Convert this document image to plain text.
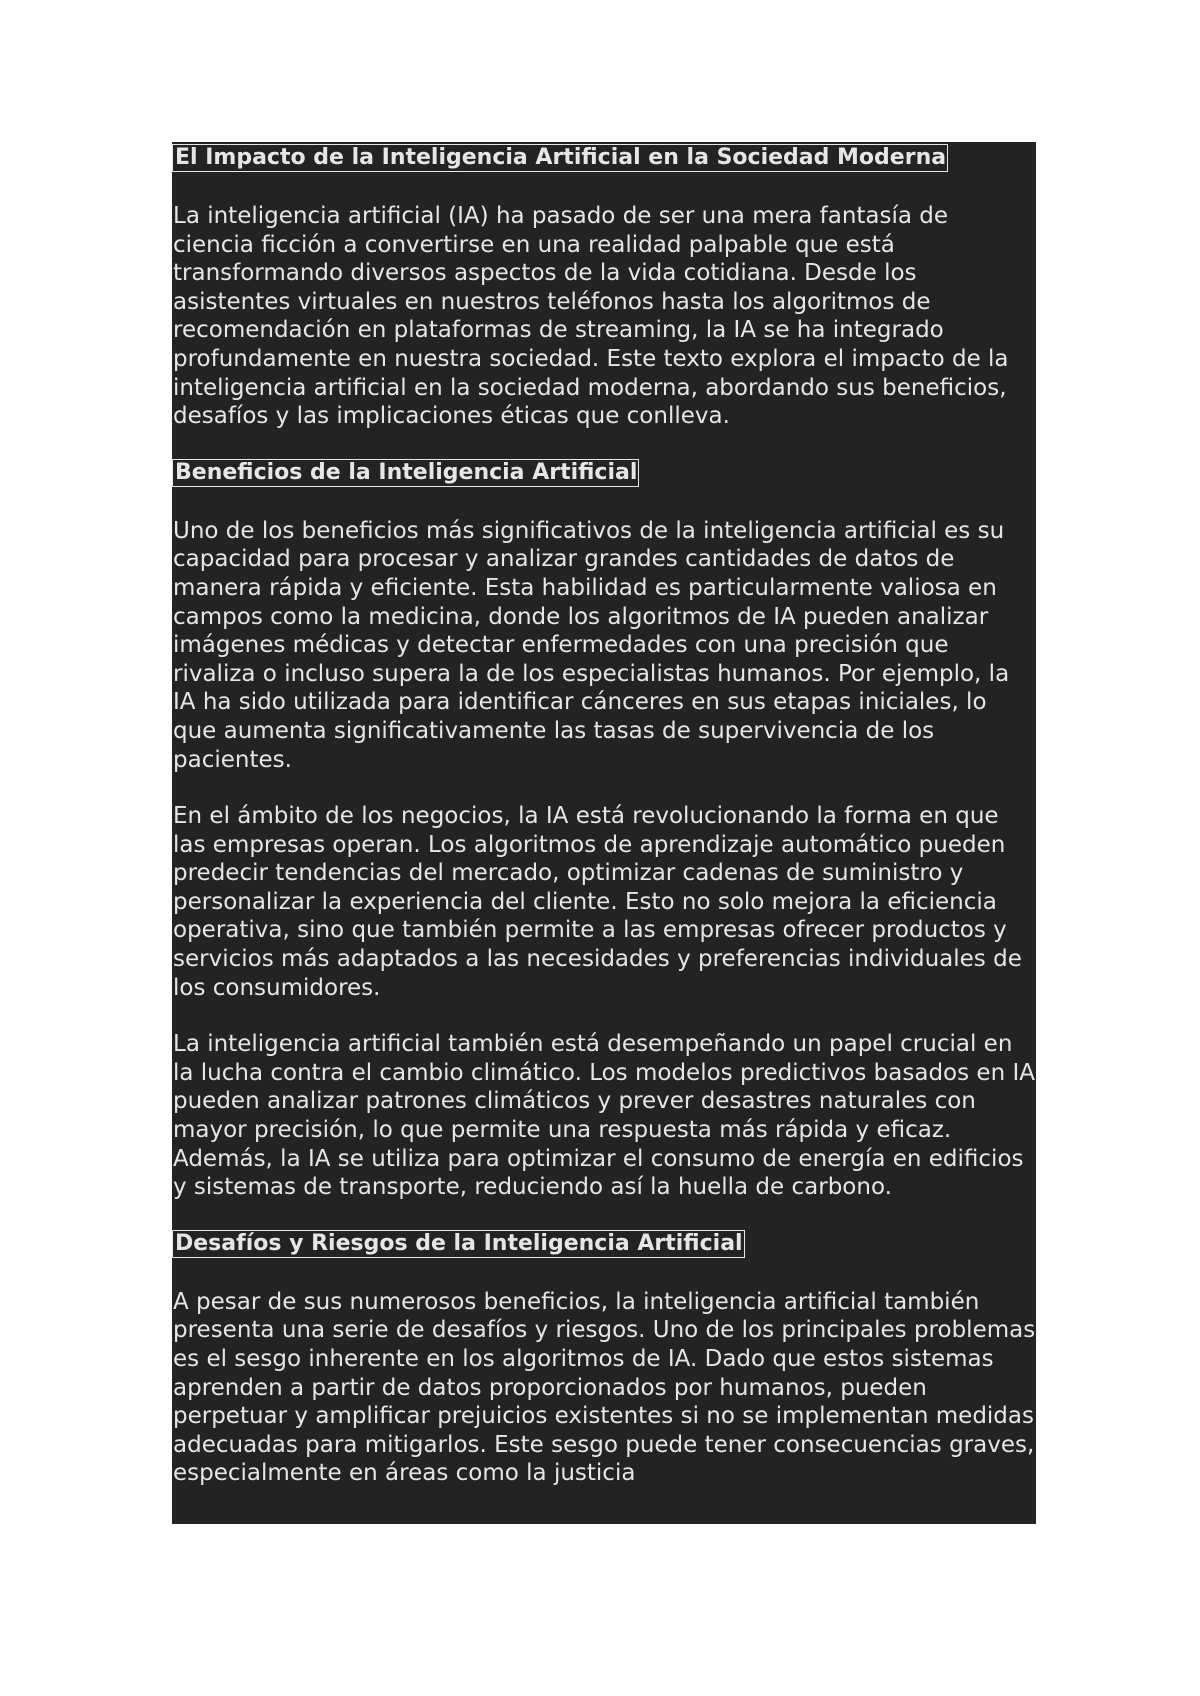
El Impacto de la Inteligencia Artificial en la Sociedad Moderna

La inteligencia artificial (IA) ha pasado de ser una mera fantasía de ciencia ficción a convertirse en una realidad palpable que está transformando diversos aspectos de la vida cotidiana. Desde los asistentes virtuales en nuestros teléfonos hasta los algoritmos de recomendación en plataformas de streaming, la IA se ha integrado profundamente en nuestra sociedad. Este texto explora el impacto de la inteligencia artificial en la sociedad moderna, abordando sus beneficios, desafíos y las implicaciones éticas que conlleva.

Beneficios de la Inteligencia Artificial

Uno de los beneficios más significativos de la inteligencia artificial es su capacidad para procesar y analizar grandes cantidades de datos de manera rápida y eficiente. Esta habilidad es particularmente valiosa en campos como la medicina, donde los algoritmos de IA pueden analizar imágenes médicas y detectar enfermedades con una precisión que rivaliza o incluso supera la de los especialistas humanos. Por ejemplo, la IA ha sido utilizada para identificar cánceres en sus etapas iniciales, lo que aumenta significativamente las tasas de supervivencia de los pacientes.

En el ámbito de los negocios, la IA está revolucionando la forma en que las empresas operan. Los algoritmos de aprendizaje automático pueden predecir tendencias del mercado, optimizar cadenas de suministro y personalizar la experiencia del cliente. Esto no solo mejora la eficiencia operativa, sino que también permite a las empresas ofrecer productos y servicios más adaptados a las necesidades y preferencias individuales de los consumidores.

La inteligencia artificial también está desempeñando un papel crucial en la lucha contra el cambio climático. Los modelos predictivos basados en IA pueden analizar patrones climáticos y prever desastres naturales con mayor precisión, lo que permite una respuesta más rápida y eficaz. Además, la IA se utiliza para optimizar el consumo de energía en edificios y sistemas de transporte, reduciendo así la huella de carbono.

Desafíos y Riesgos de la Inteligencia Artificial

A pesar de sus numerosos beneficios, la inteligencia artificial también presenta una serie de desafíos y riesgos. Uno de los principales problemas es el sesgo inherente en los algoritmos de IA. Dado que estos sistemas aprenden a partir de datos proporcionados por humanos, pueden perpetuar y amplificar prejuicios existentes si no se implementan medidas adecuadas para mitigarlos. Este sesgo puede tener consecuencias graves, especialmente en áreas como la justicia
